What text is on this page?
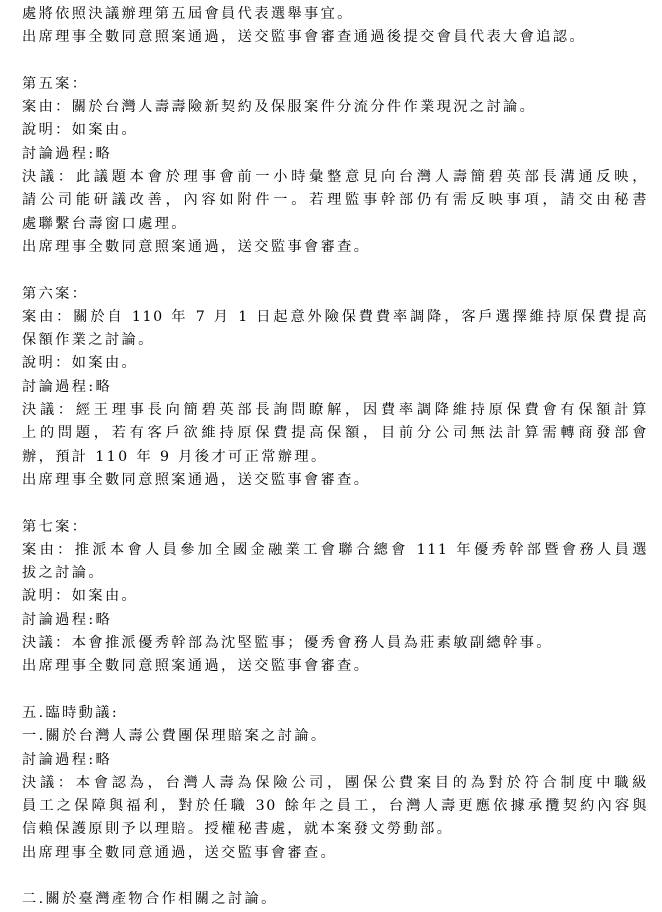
處將依照決議辦理第五屆會員代表選舉事宜。
出席理事全數同意照案通過，送交監事會審查通過後提交會員代表大會追認。
第五案：
案由：關於台灣人壽壽險新契約及保服案件分流分件作業現況之討論。
說明：如案由。
討論過程:略
決議：此議題本會於理事會前一小時彙整意見向台灣人壽簡碧英部長溝通反映，
請公司能研議改善，內容如附件一。若理監事幹部仍有需反映事項，請交由秘書
處聯繫台壽窗口處理。
出席理事全數同意照案通過，送交監事會審查。
第六案：
案由：關於自 110 年 7 月 1 日起意外險保費費率調降，客戶選擇維持原保費提高
保額作業之討論。
說明：如案由。
討論過程:略
決議：經王理事長向簡碧英部長詢問瞭解，因費率調降維持原保費會有保額計算
上的問題，若有客戶欲維持原保費提高保額，目前分公司無法計算需轉商發部會
辦，預計 110 年 9 月後才可正常辦理。
出席理事全數同意照案通過，送交監事會審查。
第七案：
案由：推派本會人員參加全國金融業工會聯合總會 111 年優秀幹部暨會務人員選
拔之討論。
說明：如案由。
討論過程:略
決議：本會推派優秀幹部為沈堅監事；優秀會務人員為莊素敏副總幹事。
出席理事全數同意照案通過，送交監事會審查。
五.臨時動議:
一.關於台灣人壽公費團保理賠案之討論。
討論過程:略
決議：本會認為，台灣人壽為保險公司，團保公費案目的為對於符合制度中職級
員工之保障與福利，對於任職 30 餘年之員工，台灣人壽更應依據承攬契約內容與
信賴保護原則予以理賠。授權秘書處，就本案發文勞動部。
出席理事全數同意通過，送交監事會審查。
二.關於臺灣產物合作相關之討論。
